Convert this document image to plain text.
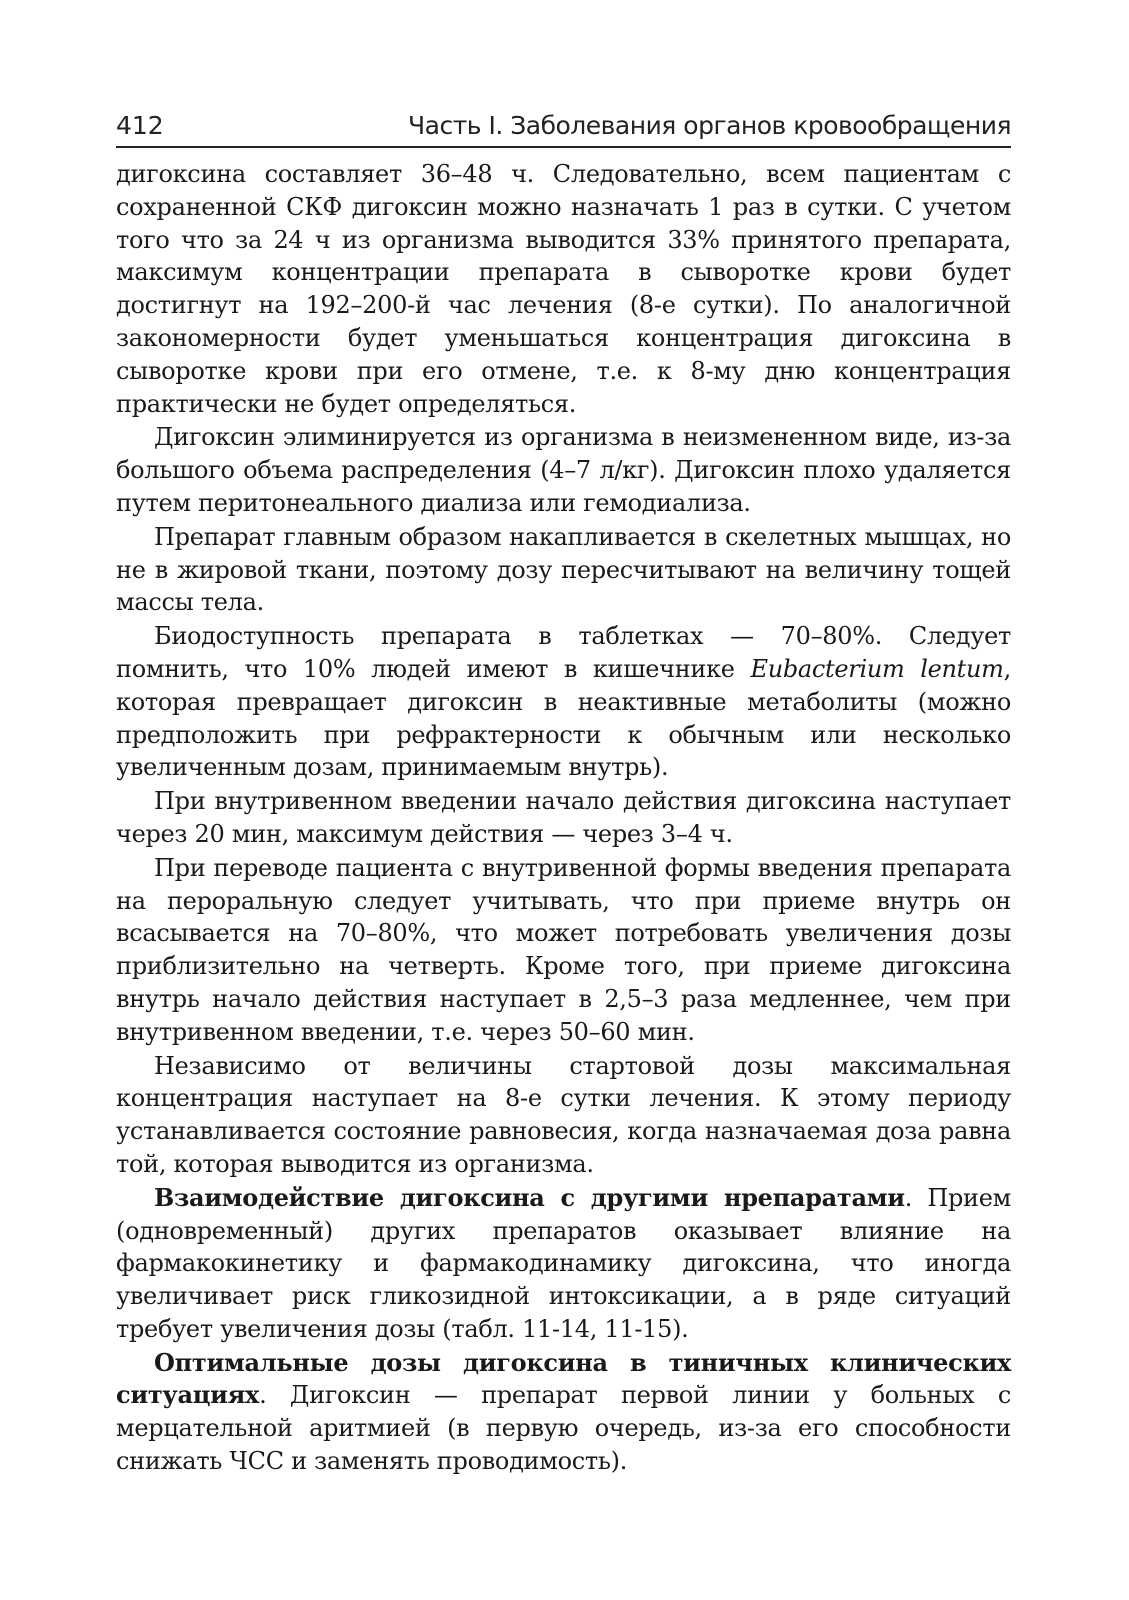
412	Часть I. Заболевания органов кровообращения

дигоксина составляет 36–48 ч. Следовательно, всем пациентам с сохраненной СКФ дигоксин можно назначать 1 раз в сутки. С учетом того что за 24 ч из организма выводится 33% принятого препарата, максимум концентрации препарата в сыворотке крови будет достигнут на 192–200-й час лечения (8-е сутки). По аналогичной закономерности будет уменьшаться концентрация дигоксина в сыворотке крови при его отмене, т.е. к 8-му дню концентрация практически не будет определяться.

Дигоксин элиминируется из организма в неизмененном виде, из-за большого объема распределения (4–7 л/кг). Дигоксин плохо удаляется путем перитонеального диализа или гемодиализа.

Препарат главным образом накапливается в скелетных мышцах, но не в жировой ткани, поэтому дозу пересчитывают на величину тощей массы тела.

Биодоступность препарата в таблетках — 70–80%. Следует помнить, что 10% людей имеют в кишечнике Eubacterium lentum, которая превращает дигоксин в неактивные метаболиты (можно предположить при рефрактерности к обычным или несколько увеличенным дозам, принимаемым внутрь).

При внутривенном введении начало действия дигоксина наступает через 20 мин, максимум действия — через 3–4 ч.

При переводе пациента с внутривенной формы введения препарата на пероральную следует учитывать, что при приеме внутрь он всасывается на 70–80%, что может потребовать увеличения дозы приблизительно на четверть. Кроме того, при приеме дигоксина внутрь начало действия наступает в 2,5–3 раза медленнее, чем при внутривенном введении, т.е. через 50–60 мин.

Независимо от величины стартовой дозы максимальная концентрация наступает на 8-е сутки лечения. К этому периоду устанавливается состояние равновесия, когда назначаемая доза равна той, которая выводится из организма.

Взаимодействие дигоксина с другими нрепаратами. Прием (одновременный) других препаратов оказывает влияние на фармакокинетику и фармакодинамику дигоксина, что иногда увеличивает риск гликозидной интоксикации, а в ряде ситуаций требует увеличения дозы (табл. 11-14, 11-15).

Оптимальные дозы дигоксина в тиничных клинических ситуациях. Дигоксин — препарат первой линии у больных с мерцательной аритмией (в первую очередь, из-за его способности снижать ЧСС и заменять проводимость).
